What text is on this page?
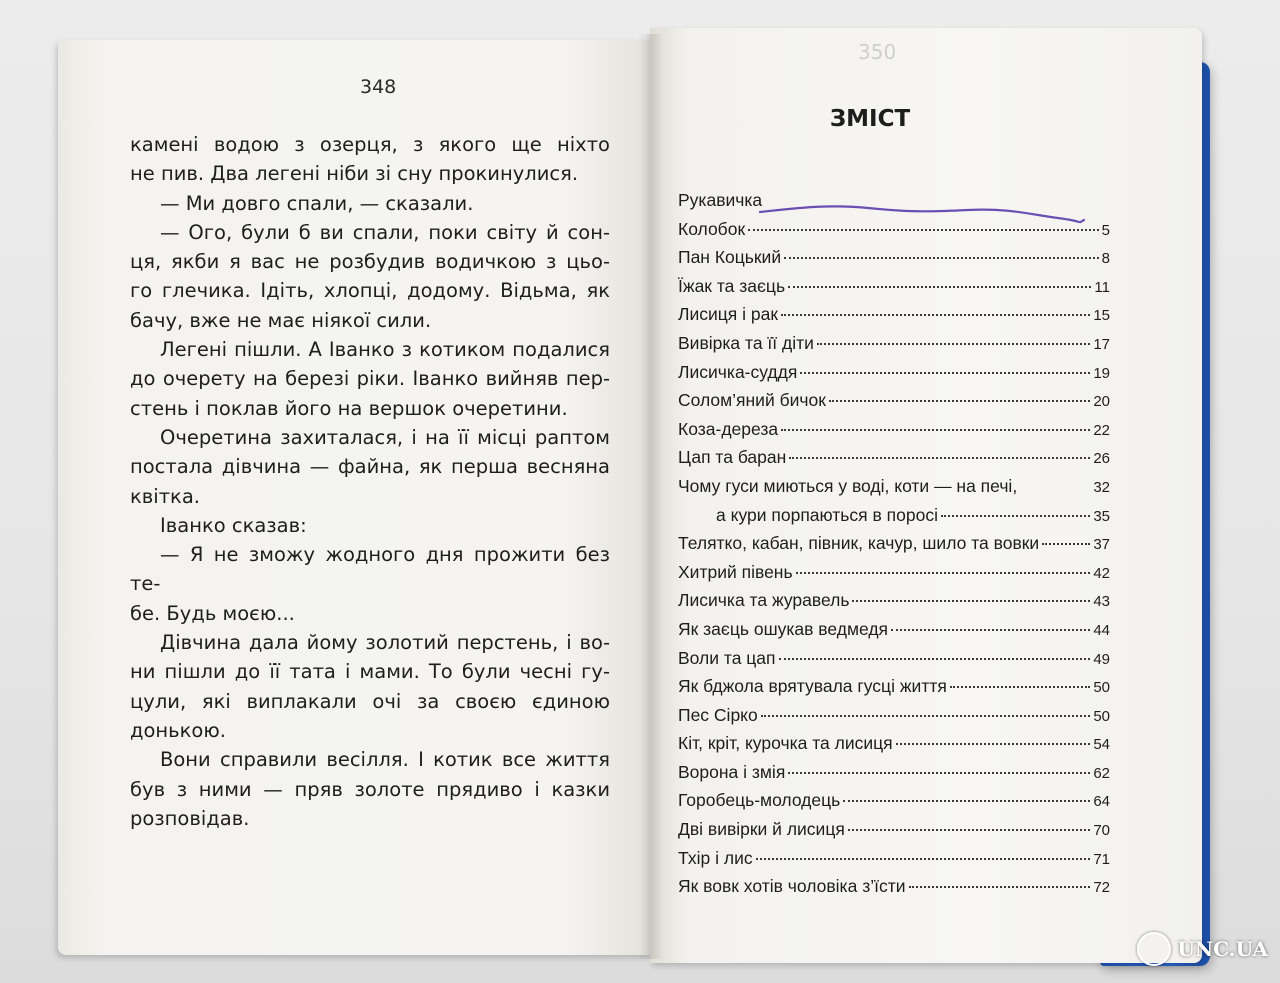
348
350

камені водою з озерця, з якого ще ніхто

не пив. Два легені ніби зі сну прокинулися.

— Ми довго спали, — сказали.

— Ого, були б ви спали, поки світу й сон-

ця, якби я вас не розбудив водичкою з цьо-

го глечика. Ідіть, хлопці, додому. Відьма, як

бачу, вже не має ніякої сили.

Легені пішли. А Іванко з котиком подалися

до очерету на березі ріки. Іванко вийняв пер-

стень і поклав його на вершок очеретини.

Очеретина захиталася, і на її місці раптом

постала дівчина — файна, як перша весняна

квітка.

Іванко сказав:

— Я не зможу жодного дня прожити без те-

бе. Будь моєю...

Дівчина дала йому золотий перстень, і во-

ни пішли до її тата і мами. То були чесні гу-

цули, які виплакали очі за своєю єдиною

донькою.

Вони справили весілля. І котик все життя

був з ними — пряв золоте прядиво і казки

розповідав.

ЗМІСТ
Рукавичка
Колобок	5
Пан Коцький	8
Їжак та заєць	11
Лисиця і рак	15
Вивірка та її діти	17
Лисичка-суддя	19
Солом’яний бичок	20
Коза-дереза	22
Цап та баран	26
Чому гуси миються у воді, коти — на печі,	32
а кури порпаються в поросі	35
Телятко, кабан, півник, качур, шило та вовки	37
Хитрий півень	42
Лисичка та журавель	43
Як заєць ошукав ведмедя	44
Воли та цап	49
Як бджола врятувала гусці життя	50
Пес Сірко	50
Кіт, кріт, курочка та лисиця	54
Ворона і змія	62
Горобець-молодець	64
Дві вивірки й лисиця	70
Тхір і лис	71
Як вовк хотів чоловіка з’їсти	72
UNC.UA
